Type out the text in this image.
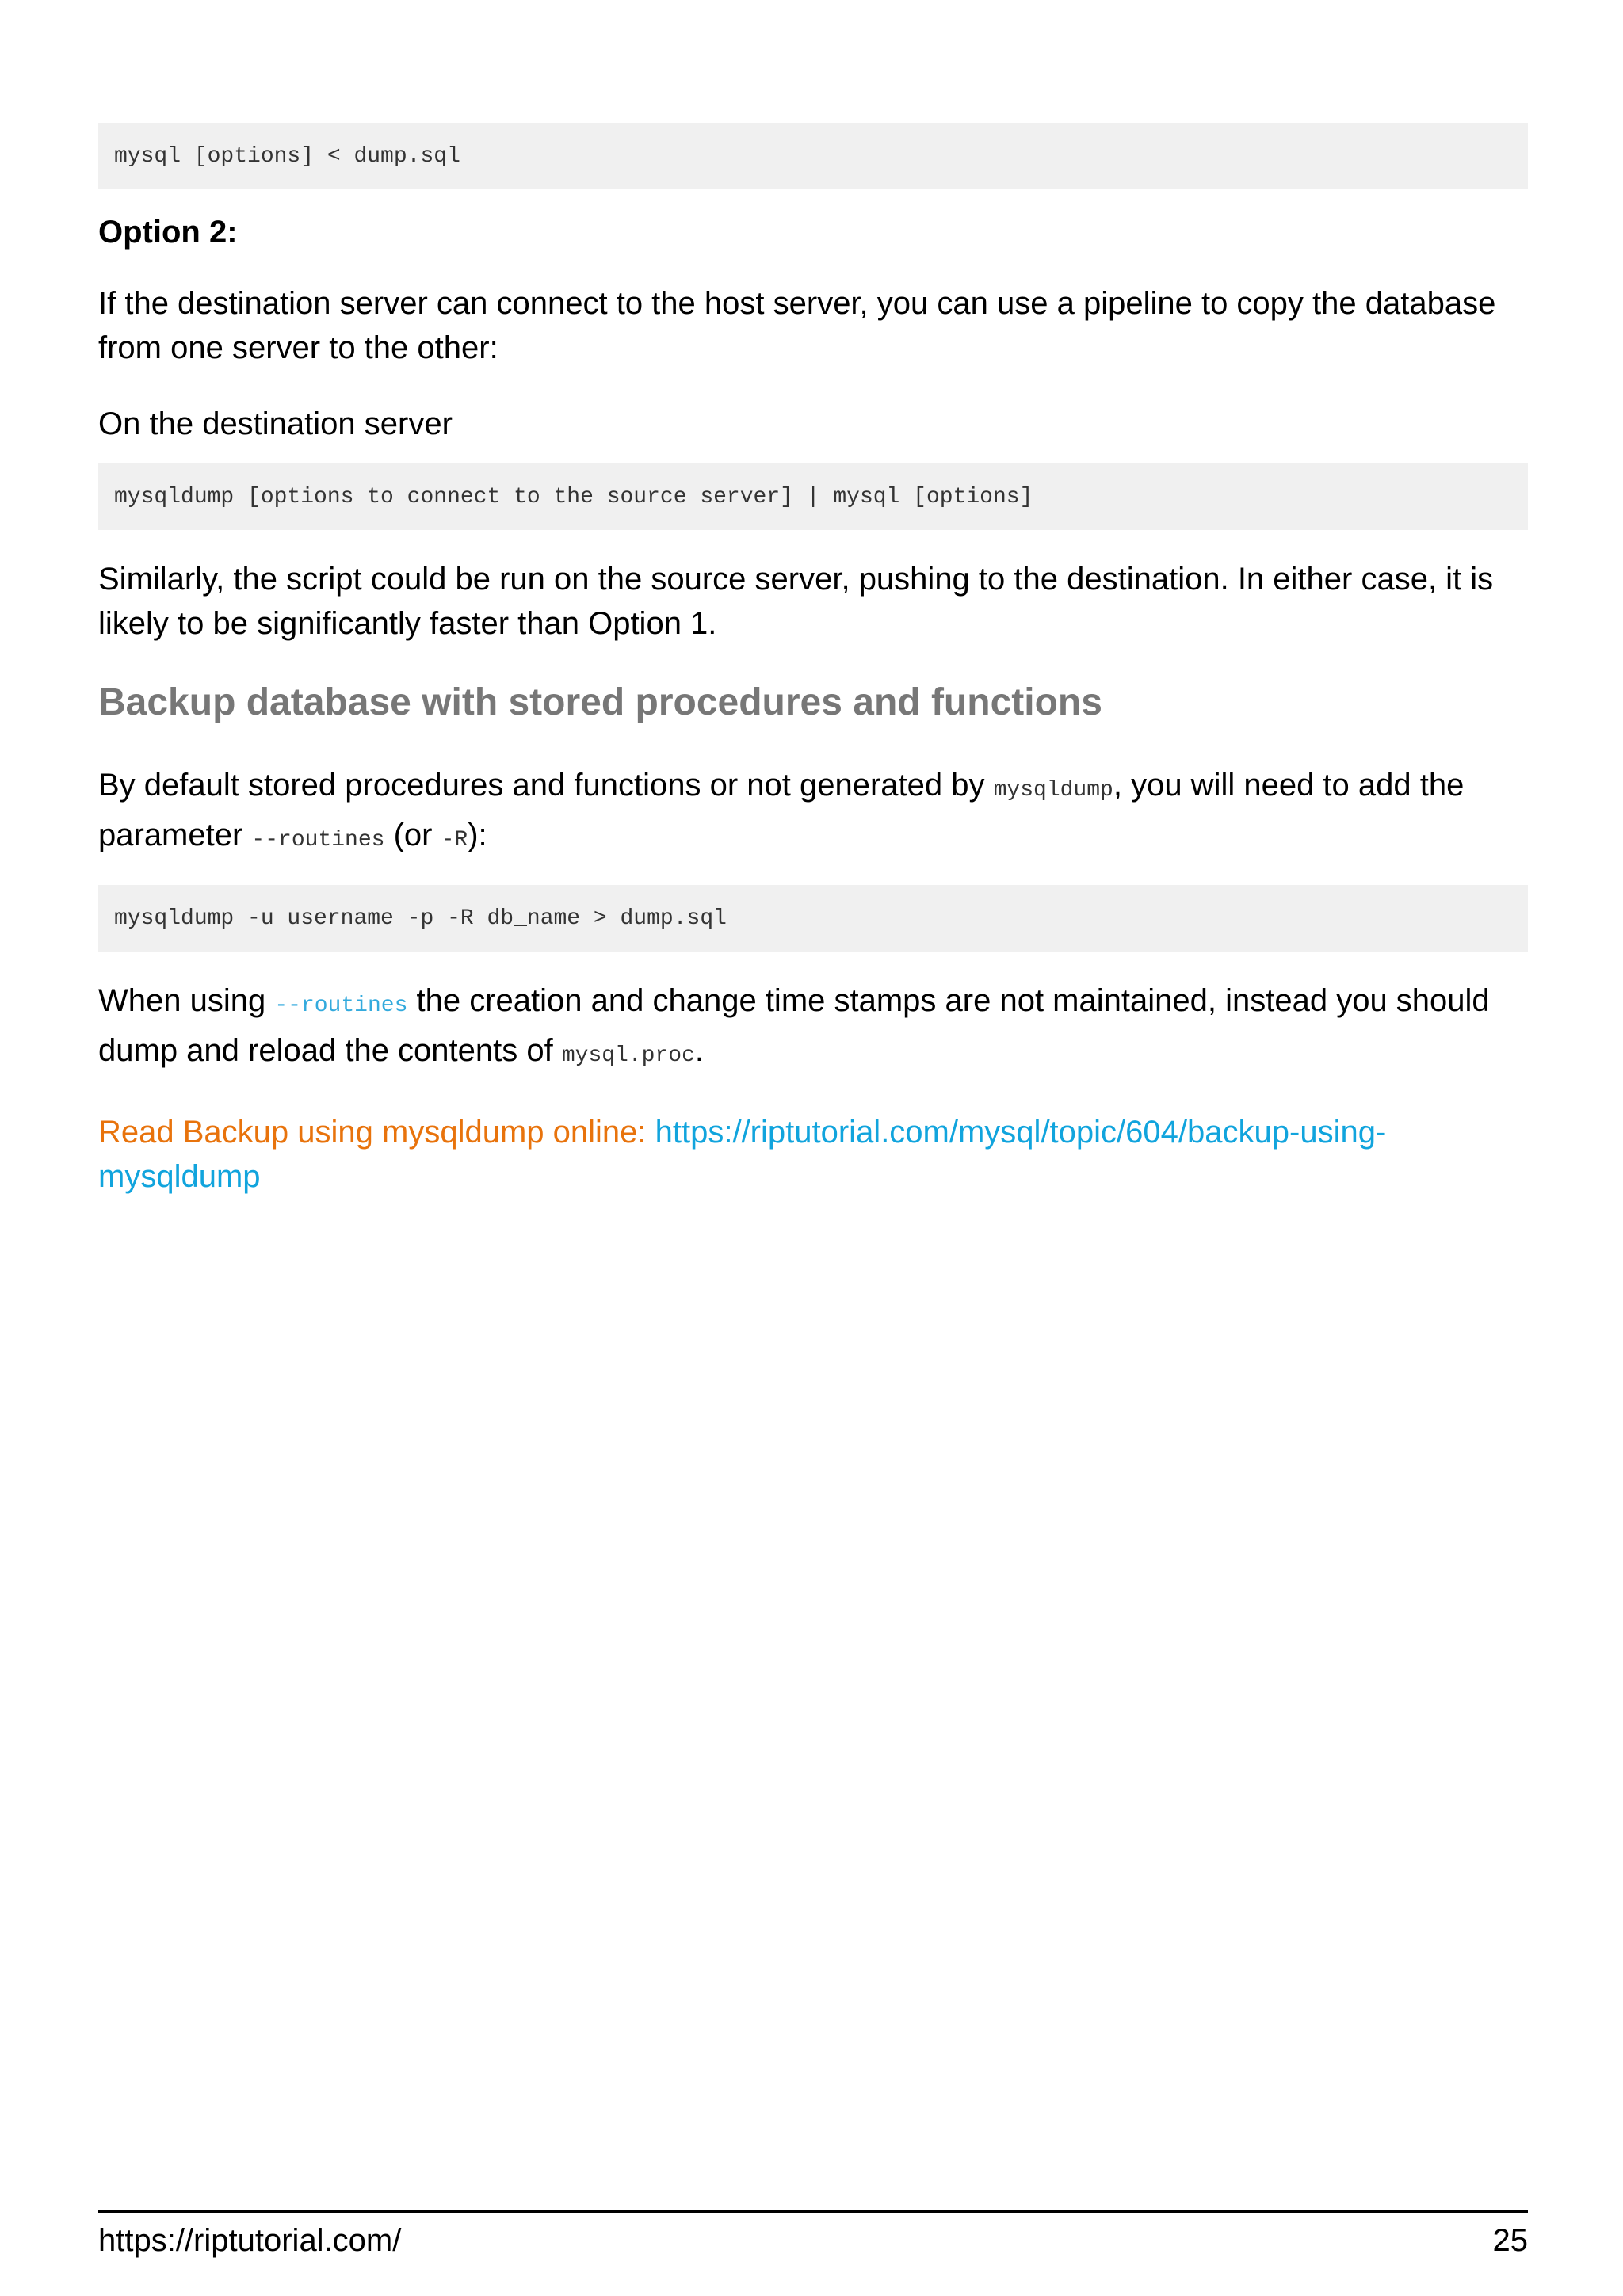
mysql [options] < dump.sql

Option 2:

If the destination server can connect to the host server, you can use a pipeline to copy the database from one server to the other:

On the destination server

mysqldump [options to connect to the source server] | mysql [options]

Similarly, the script could be run on the source server, pushing to the destination. In either case, it is likely to be significantly faster than Option 1.

Backup database with stored procedures and functions

By default stored procedures and functions or not generated by mysqldump, you will need to add the parameter --routines (or -R):

mysqldump -u username -p -R db_name > dump.sql

When using --routines the creation and change time stamps are not maintained, instead you should dump and reload the contents of mysql.proc.

Read Backup using mysqldump online: https://riptutorial.com/mysql/topic/604/backup-using-mysqldump

https://riptutorial.com/	25
